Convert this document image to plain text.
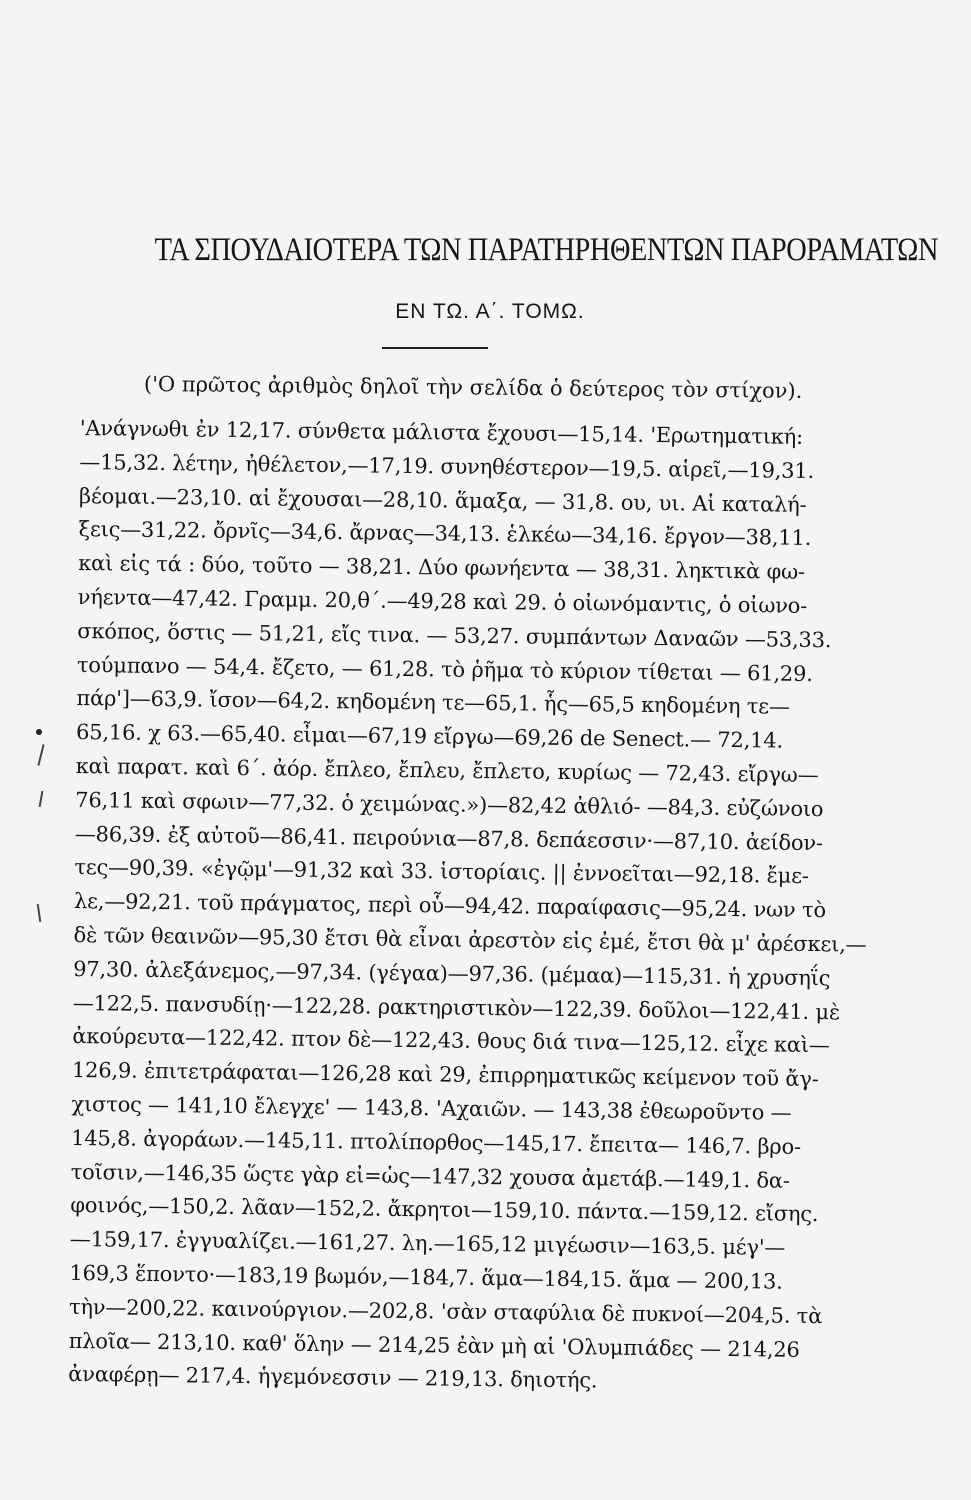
ΤΑ ΣΠΟΥΔΑΙΟΤΕΡΑ ΤΩΝ ΠΑΡΑΤΗΡΗΘΕΝΤΩΝ ΠΑΡΟΡΑΜΑΤΩΝ
ΕΝ ΤΩ. Α΄. ΤΟΜΩ.
('Ο πρῶτος ἀριθμὸς δηλοῖ τὴν σελίδα ὁ δεύτερος τὸν στίχον).
'Ανάγνωθι ἐν 12,17. σύνθετα μάλιστα ἔχουσι—15,14. 'Ερωτηματική:
—15,32. λέτην, ἠθέλετον,—17,19. συνηθέστερον—19,5. αἱρεῖ,—19,31.
βέομαι.—23,10. αἱ ἔχουσαι—28,10. ἅμαξα, — 31,8. ου, υι. Αἱ καταλή-
ξεις—31,22. ὄρνῖς—34,6. ἄρνας—34,13. ἑλκέω—34,16. ἔργον—38,11.
καὶ εἰς τά : δύο, τοῦτο — 38,21. Δύο φωνήεντα — 38,31. ληκτικὰ φω-
νήεντα—47,42. Γραμμ. 20,θ΄.—49,28 καὶ 29. ὁ οἰωνόμαντις, ὁ οἰωνο-
σκόπος, ὅστις — 51,21, εἴς τινα. — 53,27. συμπάντων Δαναῶν —53,33.
τούμπανο — 54,4. ἔζετο, — 61,28. τὸ ῥῆμα τὸ κύριον τίθεται — 61,29.
πάρ']—63,9. ἴσον—64,2. κηδομένη τε—65,1. ἧς—65,5 κηδομένη τε—
65,16. χ 63.—65,40. εἶμαι—67,19 εἴργω—69,26 de Senect.— 72,14.
καὶ παρατ. καὶ 6΄. ἀόρ. ἔπλεο, ἔπλευ, ἔπλετο, κυρίως — 72,43. εἴργω—
76,11 καὶ σφωιν—77,32. ὁ χειμώνας.»)—82,42 ἀθλιό- —84,3. εὐζώνοιο
—86,39. ἐξ αὐτοῦ—86,41. πειρούνια—87,8. δεπάεσσιν·—87,10. ἀείδον-
τες—90,39. «ἐγῷμ'—91,32 καὶ 33. ἱστορίαις. || ἐννοεῖται—92,18. ἔμε-
λε,—92,21. τοῦ πράγματος, περὶ οὗ—94,42. παραίφασις—95,24. νων τὸ
δὲ τῶν θεαινῶν—95,30 ἔτσι θὰ εἶναι ἀρεστὸν εἰς ἐμέ, ἔτσι θὰ μ' ἀρέσκει,—
97,30. ἀλεξάνεμος,—97,34. (γέγαα)—97,36. (μέμαα)—115,31. ἡ χρυσηΐς
—122,5. πανσυδίῃ·—122,28. ρακτηριστικὸν—122,39. δοῦλοι—122,41. μὲ
ἀκούρευτα—122,42. πτον δὲ—122,43. θους διά τινα—125,12. εἶχε καὶ—
126,9. ἐπιτετράφαται—126,28 καὶ 29, ἐπιρρηματικῶς κείμενον τοῦ ἄγ-
χιστος — 141,10 ἔλεγχε' — 143,8. 'Αχαιῶν. — 143,38 ἐθεωροῦντο —
145,8. ἀγοράων.—145,11. πτολίπορθος—145,17. ἔπειτα— 146,7. βρο-
τοῖσιν,—146,35 ὥςτε γὰρ εἰ=ὡς—147,32 χουσα ἀμετάβ.—149,1. δα-
φοινός,—150,2. λᾶαν—152,2. ἄκρητοι—159,10. πάντα.—159,12. εἴσης.
—159,17. ἐγγυαλίζει.—161,27. λη.—165,12 μιγέωσιν—163,5. μέγ'—
169,3 ἕποντο·—183,19 βωμόν,—184,7. ἅμα—184,15. ἅμα — 200,13.
τὴν—200,22. καινούργιον.—202,8. 'σὰν σταφύλια δὲ πυκνοί—204,5. τὰ
πλοῖα— 213,10. καθ' ὅλην — 214,25 ἐὰν μὴ αἱ 'Ολυμπιάδες — 214,26
ἀναφέρῃ— 217,4. ἡγεμόνεσσιν — 219,13. δηιοτής.
